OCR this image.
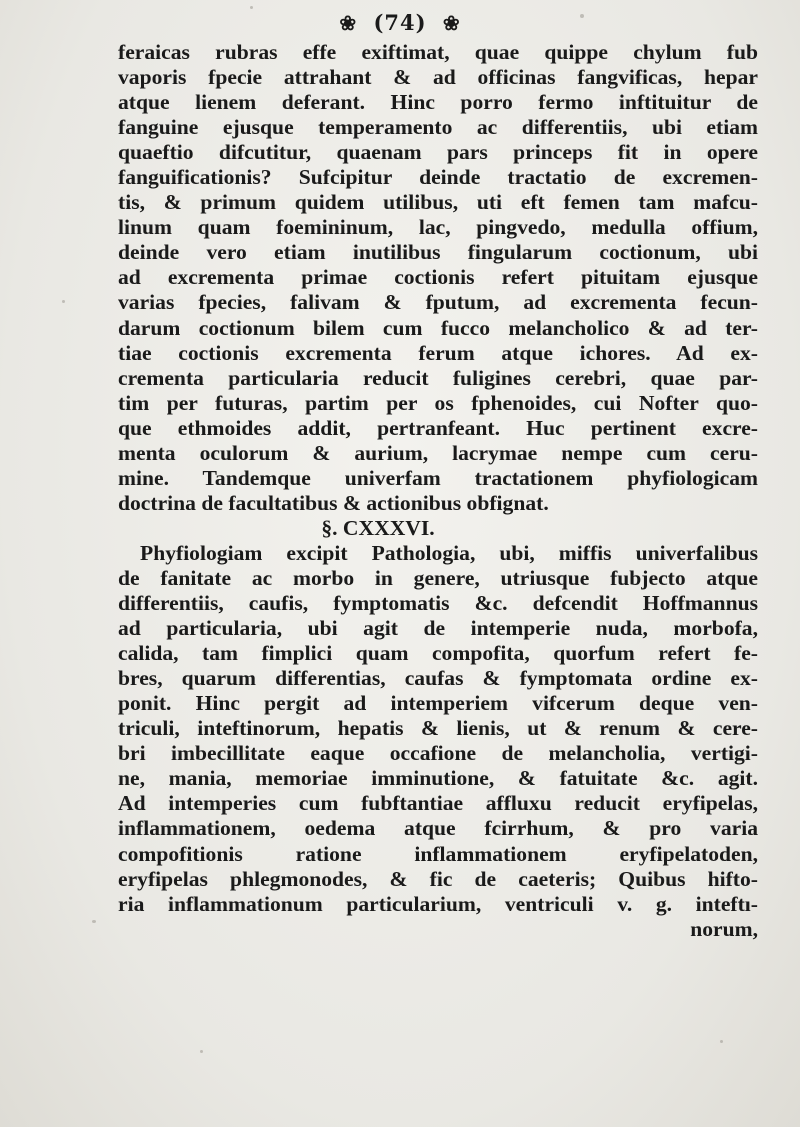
❀ (74) ❀
feraicas rubras effe exiftimat, quae quippe chylum fub
vaporis fpecie attrahant & ad officinas fangvificas, hepar
atque lienem deferant. Hinc porro fermo inftituitur de
fanguine ejusque temperamento ac differentiis, ubi etiam
quaeftio difcutitur, quaenam pars princeps fit in opere
fanguificationis? Sufcipitur deinde tractatio de excremen-
tis, & primum quidem utilibus, uti eft femen tam mafcu-
linum quam foemininum, lac, pingvedo, medulla offium,
deinde vero etiam inutilibus fingularum coctionum, ubi
ad excrementa primae coctionis refert pituitam ejusque
varias fpecies, falivam & fputum, ad excrementa fecun-
darum coctionum bilem cum fucco melancholico & ad ter-
tiae coctionis excrementa ferum atque ichores. Ad ex-
crementa particularia reducit fuligines cerebri, quae par-
tim per futuras, partim per os fphenoides, cui Nofter quo-
que ethmoides addit, pertranfeant. Huc pertinent excre-
menta oculorum & aurium, lacrymae nempe cum ceru-
mine. Tandemque univerfam tractationem phyfiologicam
doctrina de facultatibus & actionibus obfignat.
§. CXXXVI.
Phyfiologiam excipit Pathologia, ubi, miffis univerfalibus
de fanitate ac morbo in genere, utriusque fubjecto atque
differentiis, caufis, fymptomatis &c. defcendit Hoffmannus
ad particularia, ubi agit de intemperie nuda, morbofa,
calida, tam fimplici quam compofita, quorfum refert fe-
bres, quarum differentias, caufas & fymptomata ordine ex-
ponit. Hinc pergit ad intemperiem vifcerum deque ven-
triculi, inteftinorum, hepatis & lienis, ut & renum & cere-
bri imbecillitate eaque occafione de melancholia, vertigi-
ne, mania, memoriae imminutione, & fatuitate &c. agit.
Ad intemperies cum fubftantiae affluxu reducit eryfipelas,
inflammationem, oedema atque fcirrhum, & pro varia
compofitionis ratione inflammationem eryfipelatoden,
eryfipelas phlegmonodes, & fic de caeteris; Quibus hifto-
ria inflammationum particularium, ventriculi v. g. inteftı-
norum,
